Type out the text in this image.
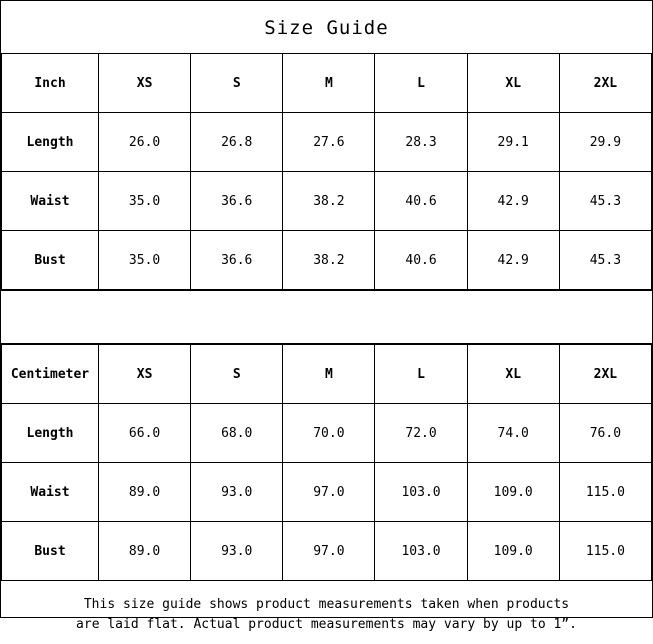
Size Guide
Inch	XS	S	M	L	XL	2XL
Length	26.0	26.8	27.6	28.3	29.1	29.9
Waist	35.0	36.6	38.2	40.6	42.9	45.3
Bust	35.0	36.6	38.2	40.6	42.9	45.3
Centimeter	XS	S	M	L	XL	2XL
Length	66.0	68.0	70.0	72.0	74.0	76.0
Waist	89.0	93.0	97.0	103.0	109.0	115.0
Bust	89.0	93.0	97.0	103.0	109.0	115.0
This size guide shows product measurements taken when products
are laid flat. Actual product measurements may vary by up to 1”.
